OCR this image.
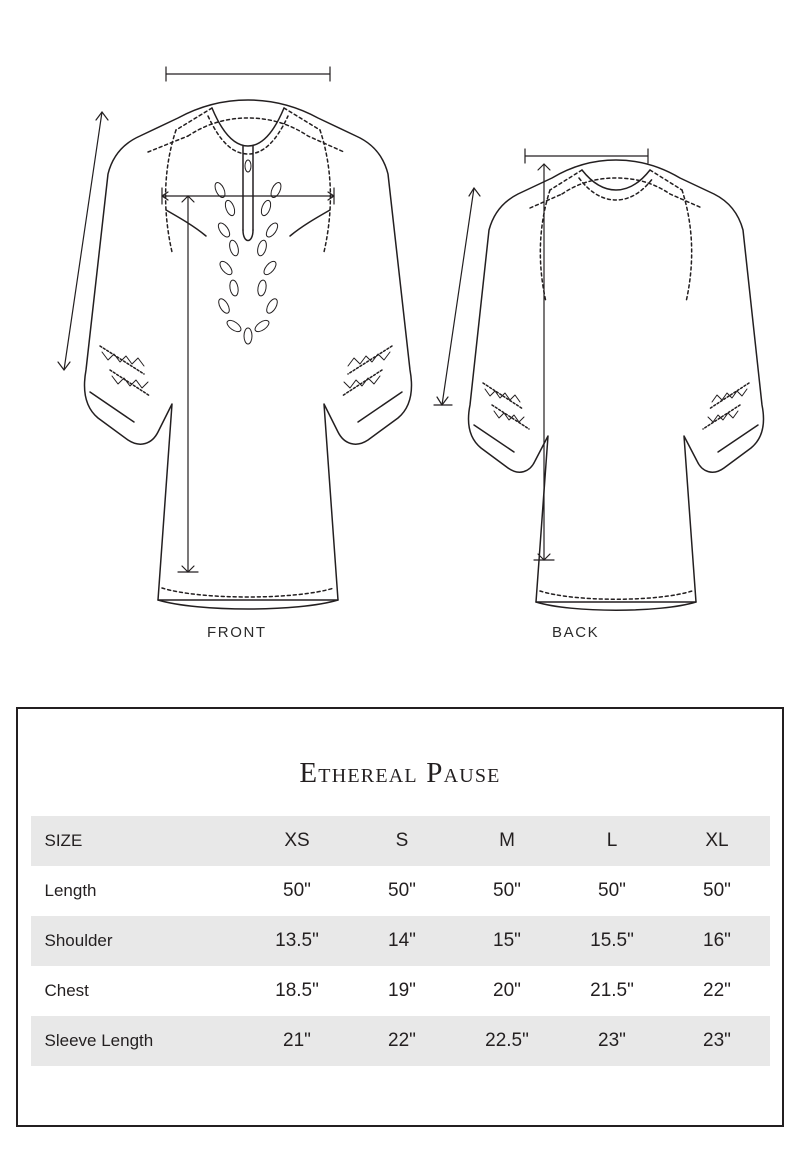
FRONT	BACK
Ethereal Pause
SIZE	XS	S	M	L	XL
Length	50"	50"	50"	50"	50"
Shoulder	13.5"	14"	15"	15.5"	16"
Chest	18.5"	19"	20"	21.5"	22"
Sleeve Length	21"	22"	22.5"	23"	23"
